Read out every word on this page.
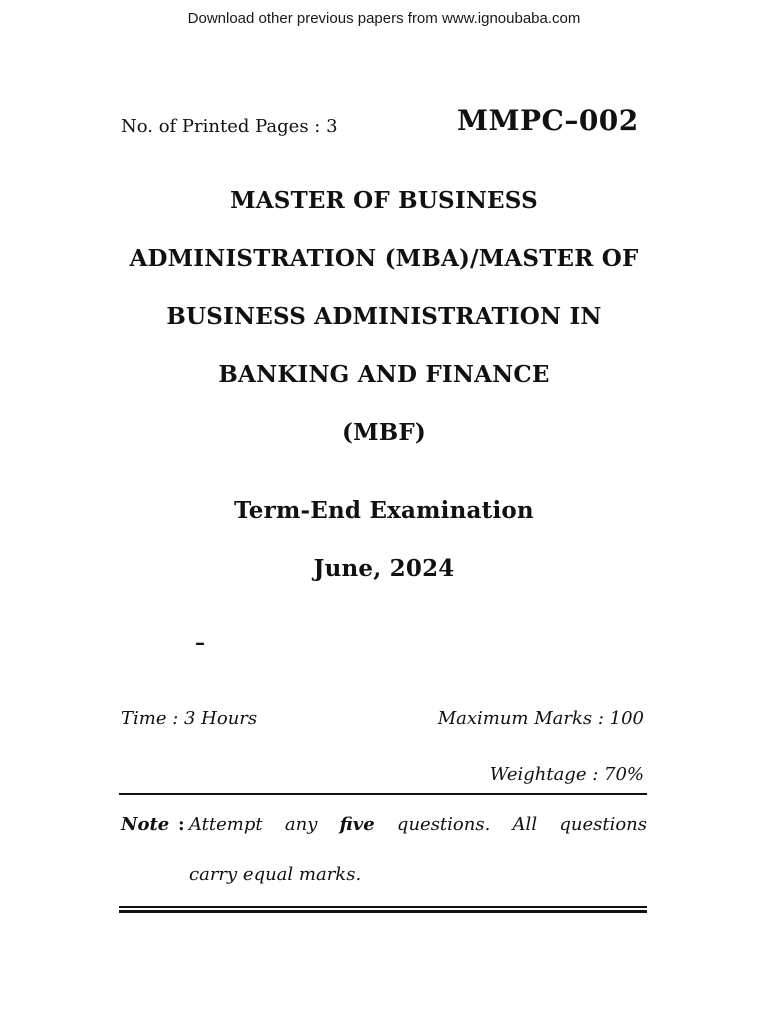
Download other previous papers from www.ignoubaba.com
No. of Printed Pages : 3	MMPC–002
MASTER OF BUSINESS
ADMINISTRATION (MBA)/MASTER OF
BUSINESS ADMINISTRATION IN
BANKING AND FINANCE
(MBF)
Term-End Examination
June, 2024
–
Time : 3 Hours	Maximum Marks : 100
Weightage : 70%
Note : Attempt any five questions. All questions
carry equal marks.
